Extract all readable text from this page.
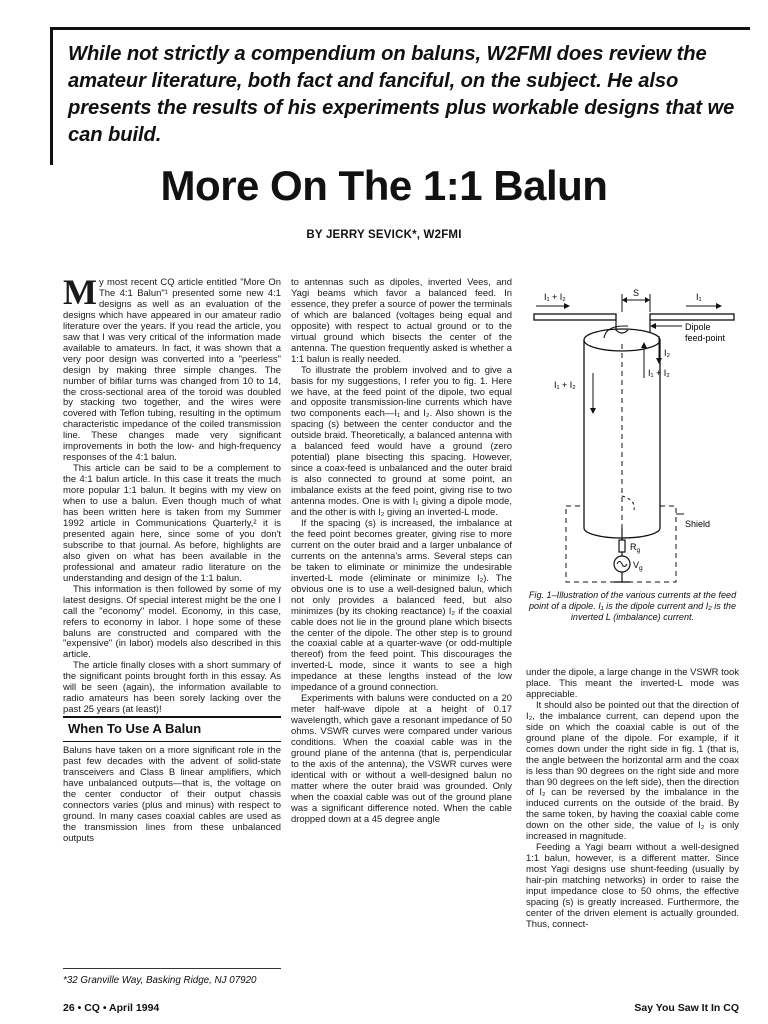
While not strictly a compendium on baluns, W2FMI does review the amateur literature, both fact and fanciful, on the subject. He also presents the results of his experiments plus workable designs that we can build.
More On The 1:1 Balun
BY JERRY SEVICK*, W2FMI

My most recent CQ article entitled "More On The 4:1 Balun"¹ presented some new 4:1 designs as well as an evaluation of the designs which have appeared in our amateur radio literature over the years. If you read the article, you saw that I was very critical of the information made available to amateurs. In fact, it was shown that a very poor design was converted into a "peerless" design by making three simple changes. The number of bifilar turns was changed from 10 to 14, the cross-sectional area of the toroid was doubled by stacking two together, and the wires were covered with Teflon tubing, resulting in the optimum characteristic impedance of the coiled transmission line. These changes made very significant improvements in both the low- and high-frequency responses of the 4:1 balun.

This article can be said to be a complement to the 4:1 balun article. In this case it treats the much more popular 1:1 balun. It begins with my view on when to use a balun. Even though much of what has been written here is taken from my Summer 1992 article in Communications Quarterly,² it is presented again here, since some of you don't subscribe to that journal. As before, highlights are also given on what has been available in the professional and amateur radio literature on the understanding and design of the 1:1 balun.

This information is then followed by some of my latest designs. Of special interest might be the one I call the "economy" model. Economy, in this case, refers to economy in labor. I hope some of these baluns are constructed and compared with the "expensive" (in labor) models also described in this article.

The article finally closes with a short summary of the significant points brought forth in this essay. As will be seen (again), the information available to radio amateurs has been sorely lacking over the past 25 years (at least)!

When To Use A Balun

Baluns have taken on a more significant role in the past few decades with the advent of solid-state transceivers and Class B linear amplifiers, which have unbalanced outputs—that is, the voltage on the center conductor of their output chassis connectors varies (plus and minus) with respect to ground. In many cases coaxial cables are used as the transmission lines from these unbalanced outputs

*32 Granville Way, Basking Ridge, NJ 07920

to antennas such as dipoles, inverted Vees, and Yagi beams which favor a balanced feed. In essence, they prefer a source of power the terminals of which are balanced (voltages being equal and opposite) with respect to actual ground or to the virtual ground which bisects the center of the antenna. The question frequently asked is whether a 1:1 balun is really needed.

To illustrate the problem involved and to give a basis for my suggestions, I refer you to fig. 1. Here we have, at the feed point of the dipole, two equal and opposite transmission-line currents which have two components each—I₁ and I₂. Also shown is the spacing (s) between the center conductor and the outside braid. Theoretically, a balanced antenna with a balanced feed would have a ground (zero potential) plane bisecting this spacing. However, since a coax-feed is unbalanced and the outer braid is also connected to ground at some point, an imbalance exists at the feed point, giving rise to two antenna modes. One is with I₁ giving a dipole mode, and the other is with I₂ giving an inverted-L mode.

If the spacing (s) is increased, the imbalance at the feed point becomes greater, giving rise to more current on the outer braid and a larger unbalance of currents on the antenna's arms. Several steps can be taken to eliminate or minimize the undesirable inverted-L mode (eliminate or minimize I₂). The obvious one is to use a well-designed balun, which not only provides a balanced feed, but also minimizes (by its choking reactance) I₂ if the coaxial cable does not lie in the ground plane which bisects the center of the dipole. The other step is to ground the coaxial cable at a quarter-wave (or odd-multiple thereof) from the feed point. This discourages the inverted-L mode, since it wants to see a high impedance at these lengths instead of the low impedance of a ground connection.

Experiments with baluns were conducted on a 20 meter half-wave dipole at a height of 0.17 wavelength, which gave a resonant impedance of 50 ohms. VSWR curves were compared under various conditions. When the coaxial cable was in the ground plane of the antenna (that is, perpendicular to the axis of the antenna), the VSWR curves were identical with or without a well-designed balun no matter where the outer braid was grounded. Only when the coaxial cable was out of the ground plane was a significant difference noted. When the cable dropped down at a 45 degree angle

I₁ + I₂	S	I₁
Dipole
feed-point
I₂
I₁ + I₂
I₁ + I₂
Shield
$R_g$
$V_g$
Fig. 1–Illustration of the various currents at the feed point of a dipole. I₁ is the dipole current and I₂ is the inverted L (imbalance) current.

under the dipole, a large change in the VSWR took place. This meant the inverted-L mode was appreciable.

It should also be pointed out that the direction of I₂, the imbalance current, can depend upon the side on which the coaxial cable is out of the ground plane of the dipole. For example, if it comes down under the right side in fig. 1 (that is, the angle between the horizontal arm and the coax is less than 90 degrees on the right side and more than 90 degrees on the left side), then the direction of I₂ can be reversed by the imbalance in the induced currents on the outside of the braid. By the same token, by having the coaxial cable come down on the other side, the value of I₂ is only increased in magnitude.

Feeding a Yagi beam without a well-designed 1:1 balun, however, is a different matter. Since most Yagi designs use shunt-feeding (usually by hair-pin matching networks) in order to raise the input impedance close to 50 ohms, the effective spacing (s) is greatly increased. Furthermore, the center of the driven element is actually grounded. Thus, connect-

26 • CQ • April 1994	Say You Saw It In CQ
